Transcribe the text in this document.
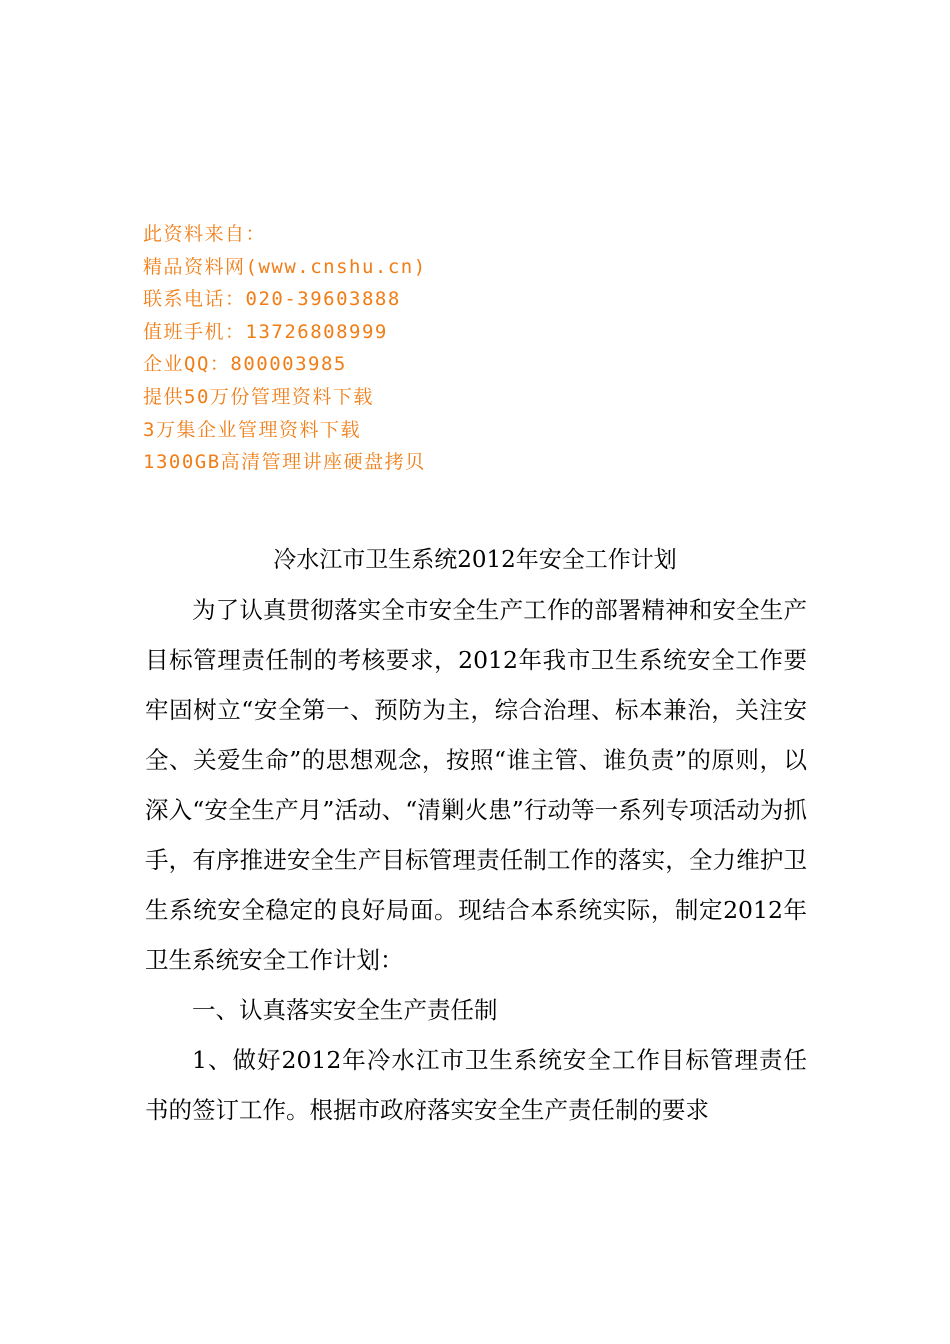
此资料来自：
精品资料网(www.cnshu.cn)
联系电话：020-39603888
值班手机：13726808999
企业QQ：800003985
提供50万份管理资料下载
3万集企业管理资料下载
1300GB高清管理讲座硬盘拷贝
冷水江市卫生系统2012年安全工作计划

为了认真贯彻落实全市安全生产工作的部署精神和安全生产目标管理责任制的考核要求，2012年我市卫生系统安全工作要牢固树立“安全第一、预防为主，综合治理、标本兼治，关注安全、关爱生命”的思想观念，按照“谁主管、谁负责”的原则，以深入“安全生产月”活动、“清剿火患”行动等一系列专项活动为抓手，有序推进安全生产目标管理责任制工作的落实，全力维护卫生系统安全稳定的良好局面。现结合本系统实际，制定2012年卫生系统安全工作计划：

一、认真落实安全生产责任制

1、做好2012年冷水江市卫生系统安全工作目标管理责任书的签订工作。根据市政府落实安全生产责任制的要求
